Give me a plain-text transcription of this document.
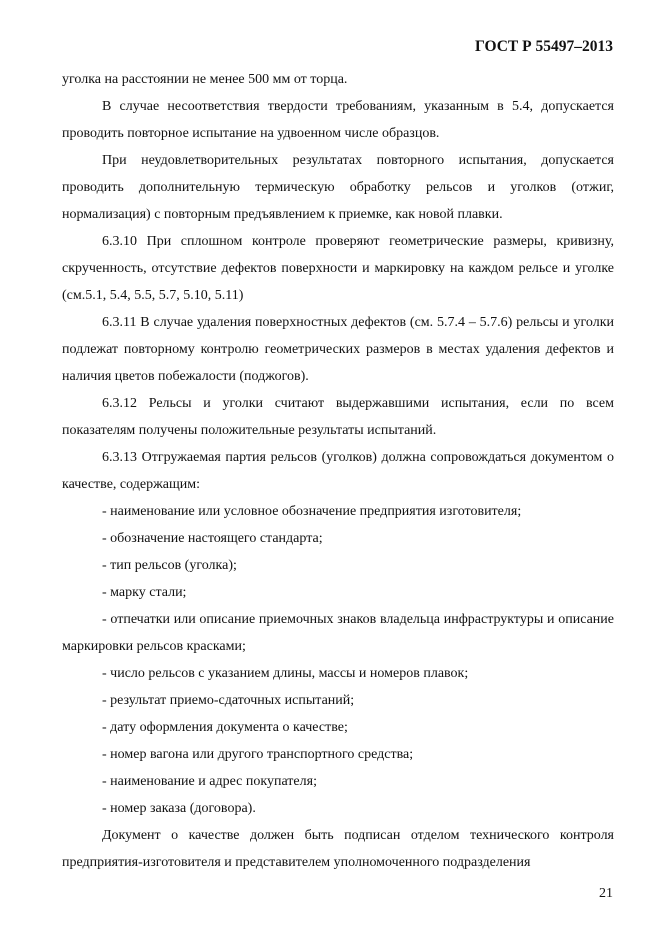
ГОСТ Р 55497–2013

уголка на расстоянии не менее 500 мм от торца.

В случае несоответствия твердости требованиям, указанным в 5.4, допускается проводить повторное испытание на удвоенном числе образцов.

При неудовлетворительных результатах повторного испытания, допускается проводить дополнительную термическую обработку рельсов и уголков (отжиг, нормализация) с повторным предъявлением к приемке, как новой плавки.

6.3.10 При сплошном контроле проверяют геометрические размеры, кривизну, скрученность, отсутствие дефектов поверхности и маркировку на каждом рельсе и уголке (см.5.1, 5.4, 5.5, 5.7, 5.10, 5.11)

6.3.11 В случае удаления поверхностных дефектов (см. 5.7.4 – 5.7.6) рельсы и уголки подлежат повторному контролю геометрических размеров в местах удаления дефектов и наличия цветов побежалости (поджогов).

6.3.12 Рельсы и уголки считают выдержавшими испытания, если по всем показателям получены положительные результаты испытаний.

6.3.13 Отгружаемая партия рельсов (уголков) должна сопровождаться документом о качестве, содержащим:

- наименование или условное обозначение предприятия изготовителя;

- обозначение настоящего стандарта;

- тип рельсов (уголка);

- марку стали;

- отпечатки или описание приемочных знаков владельца инфраструктуры и описание маркировки рельсов красками;

- число рельсов с указанием длины, массы и номеров плавок;

- результат приемо-сдаточных испытаний;

- дату оформления документа о качестве;

- номер вагона или другого транспортного средства;

- наименование и адрес покупателя;

- номер заказа (договора).

Документ о качестве должен быть подписан отделом технического контроля предприятия-изготовителя и представителем уполномоченного подразделения

21
